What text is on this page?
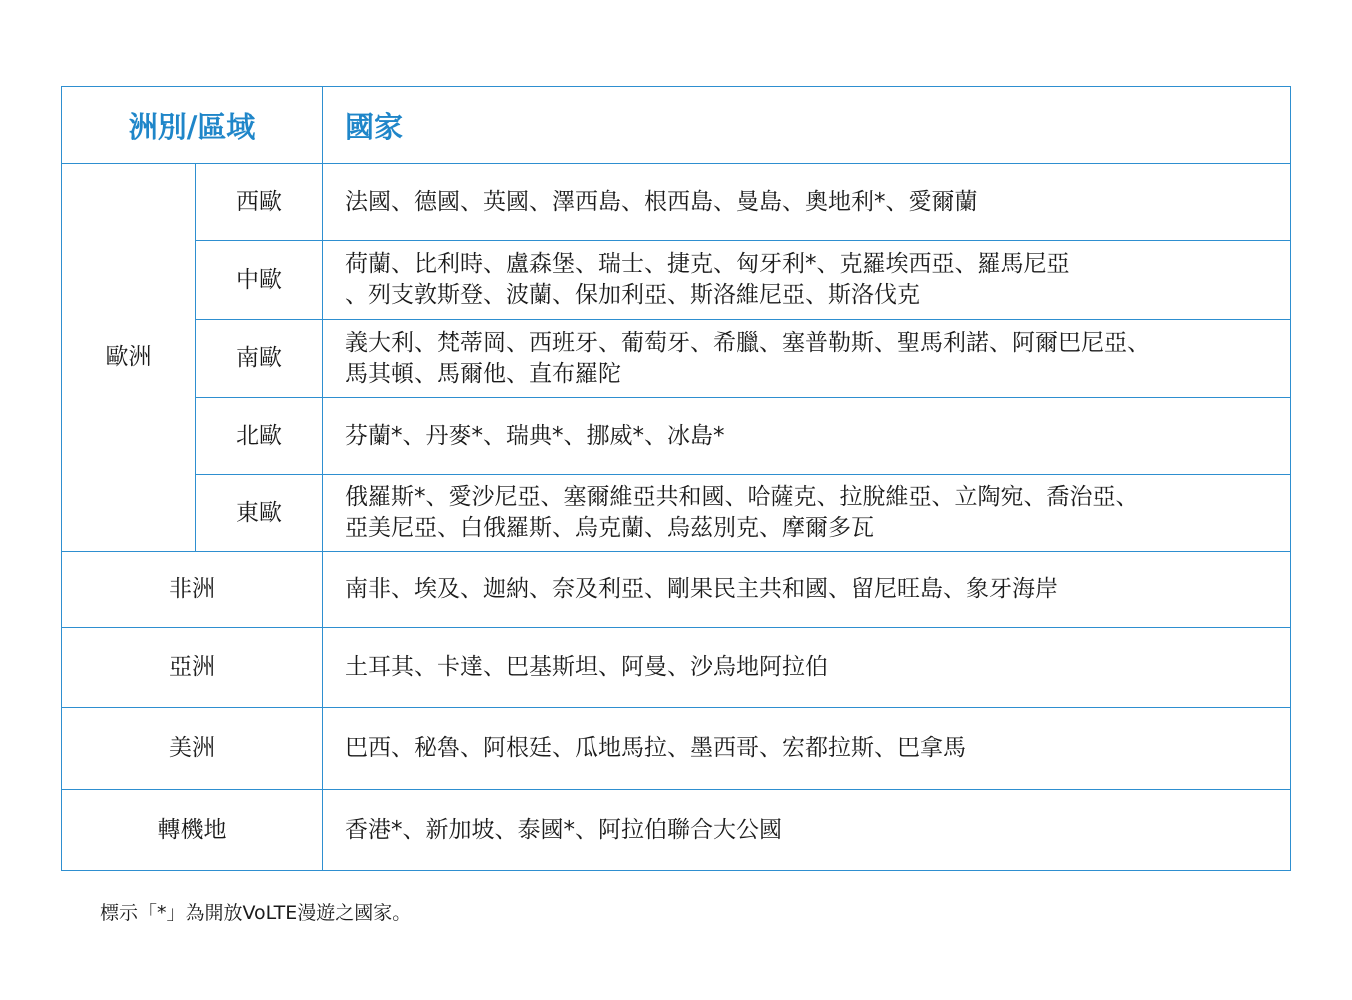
洲別/區域		國家
歐洲	西歐	法國、德國、英國、澤西島、根西島、曼島、奧地利*、愛爾蘭

	中歐	荷蘭、比利時、盧森堡、瑞士、捷克、匈牙利*、克羅埃西亞、羅馬尼亞
、列支敦斯登、波蘭、保加利亞、斯洛維尼亞、斯洛伐克

	南歐	義大利、梵蒂岡、西班牙、葡萄牙、希臘、塞普勒斯、聖馬利諾、阿爾巴尼亞、
馬其頓、馬爾他、直布羅陀

	北歐	芬蘭*、丹麥*、瑞典*、挪威*、冰島*

	東歐	俄羅斯*、愛沙尼亞、塞爾維亞共和國、哈薩克、拉脫維亞、立陶宛、喬治亞、
亞美尼亞、白俄羅斯、烏克蘭、烏茲別克、摩爾多瓦

非洲		南非、埃及、迦納、奈及利亞、剛果民主共和國、留尼旺島、象牙海岸
亞洲		土耳其、卡達、巴基斯坦、阿曼、沙烏地阿拉伯
美洲		巴西、秘魯、阿根廷、瓜地馬拉、墨西哥、宏都拉斯、巴拿馬
轉機地		香港*、新加坡、泰國*、阿拉伯聯合大公國
標示「*」為開放VoLTE漫遊之國家。
